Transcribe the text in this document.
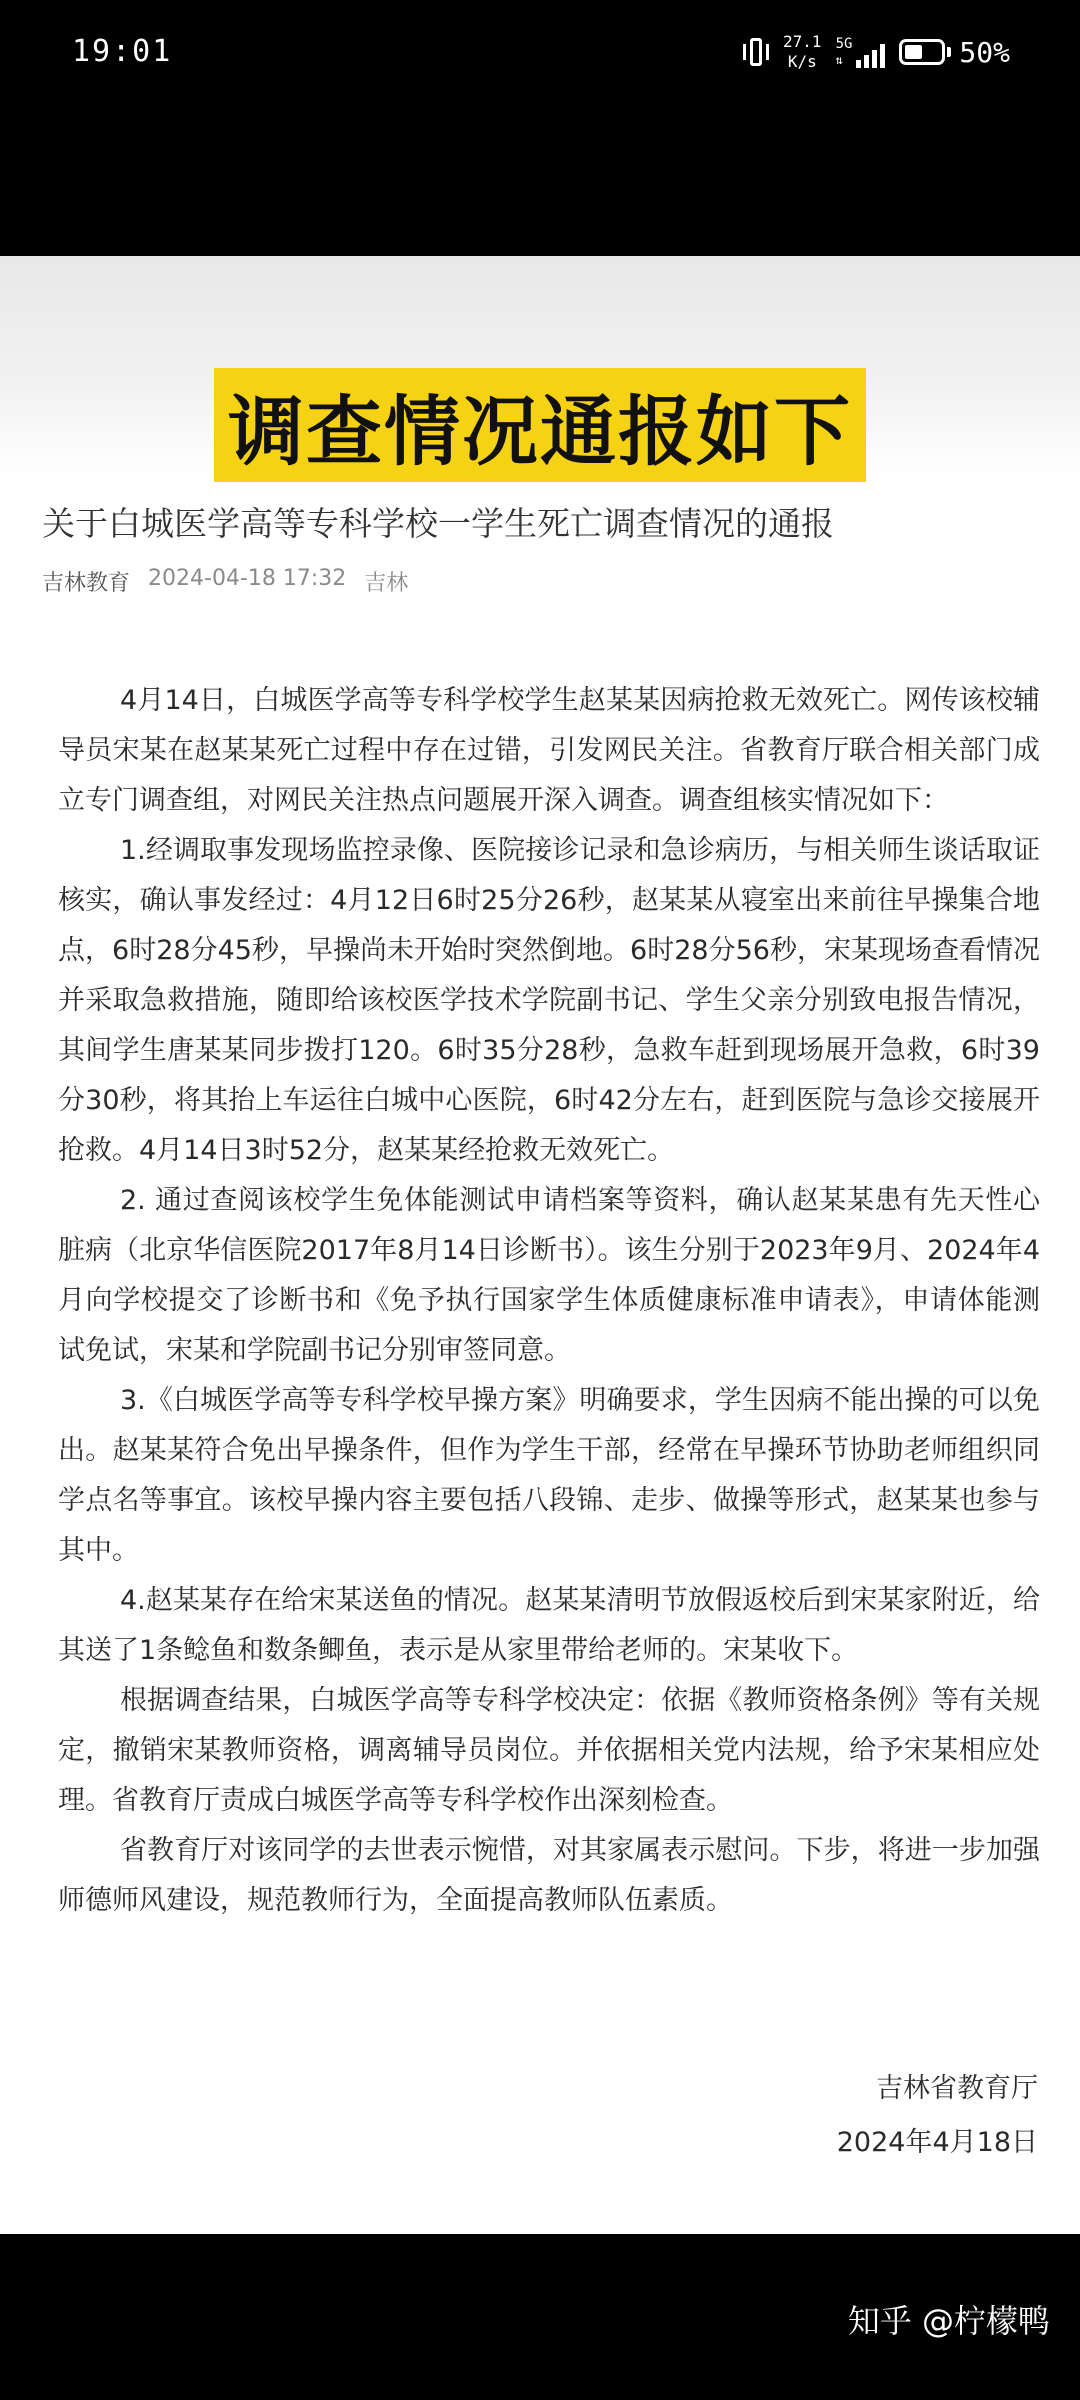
19:01	27.1
K/s
5G
⇅	50%
调查情况通报如下
关于白城医学高等专科学校一学生死亡调查情况的通报
吉林教育 2024-04-18 17:32 吉林

4月14日，白城医学高等专科学校学生赵某某因病抢救无效死亡。网传该校辅导员宋某在赵某某死亡过程中存在过错，引发网民关注。省教育厅联合相关部门成立专门调查组，对网民关注热点问题展开深入调查。调查组核实情况如下：

1.经调取事发现场监控录像、医院接诊记录和急诊病历，与相关师生谈话取证核实，确认事发经过：4月12日6时25分26秒，赵某某从寝室出来前往早操集合地点，6时28分45秒，早操尚未开始时突然倒地。6时28分56秒，宋某现场查看情况并采取急救措施，随即给该校医学技术学院副书记、学生父亲分别致电报告情况，其间学生唐某某同步拨打120。6时35分28秒，急救车赶到现场展开急救，6时39分30秒，将其抬上车运往白城中心医院，6时42分左右，赶到医院与急诊交接展开抢救。4月14日3时52分，赵某某经抢救无效死亡。

2. 通过查阅该校学生免体能测试申请档案等资料，确认赵某某患有先天性心脏病（北京华信医院2017年8月14日诊断书）。该生分别于2023年9月、2024年4月向学校提交了诊断书和《免予执行国家学生体质健康标准申请表》，申请体能测试免试，宋某和学院副书记分别审签同意。

3.《白城医学高等专科学校早操方案》明确要求，学生因病不能出操的可以免出。赵某某符合免出早操条件，但作为学生干部，经常在早操环节协助老师组织同学点名等事宜。该校早操内容主要包括八段锦、走步、做操等形式，赵某某也参与其中。

4.赵某某存在给宋某送鱼的情况。赵某某清明节放假返校后到宋某家附近，给其送了1条鲶鱼和数条鲫鱼，表示是从家里带给老师的。宋某收下。

根据调查结果，白城医学高等专科学校决定：依据《教师资格条例》等有关规定，撤销宋某教师资格，调离辅导员岗位。并依据相关党内法规，给予宋某相应处理。省教育厅责成白城医学高等专科学校作出深刻检查。

省教育厅对该同学的去世表示惋惜，对其家属表示慰问。下步，将进一步加强师德师风建设，规范教师行为，全面提高教师队伍素质。

吉林省教育厅
2024年4月18日
知乎 @柠檬鸭
